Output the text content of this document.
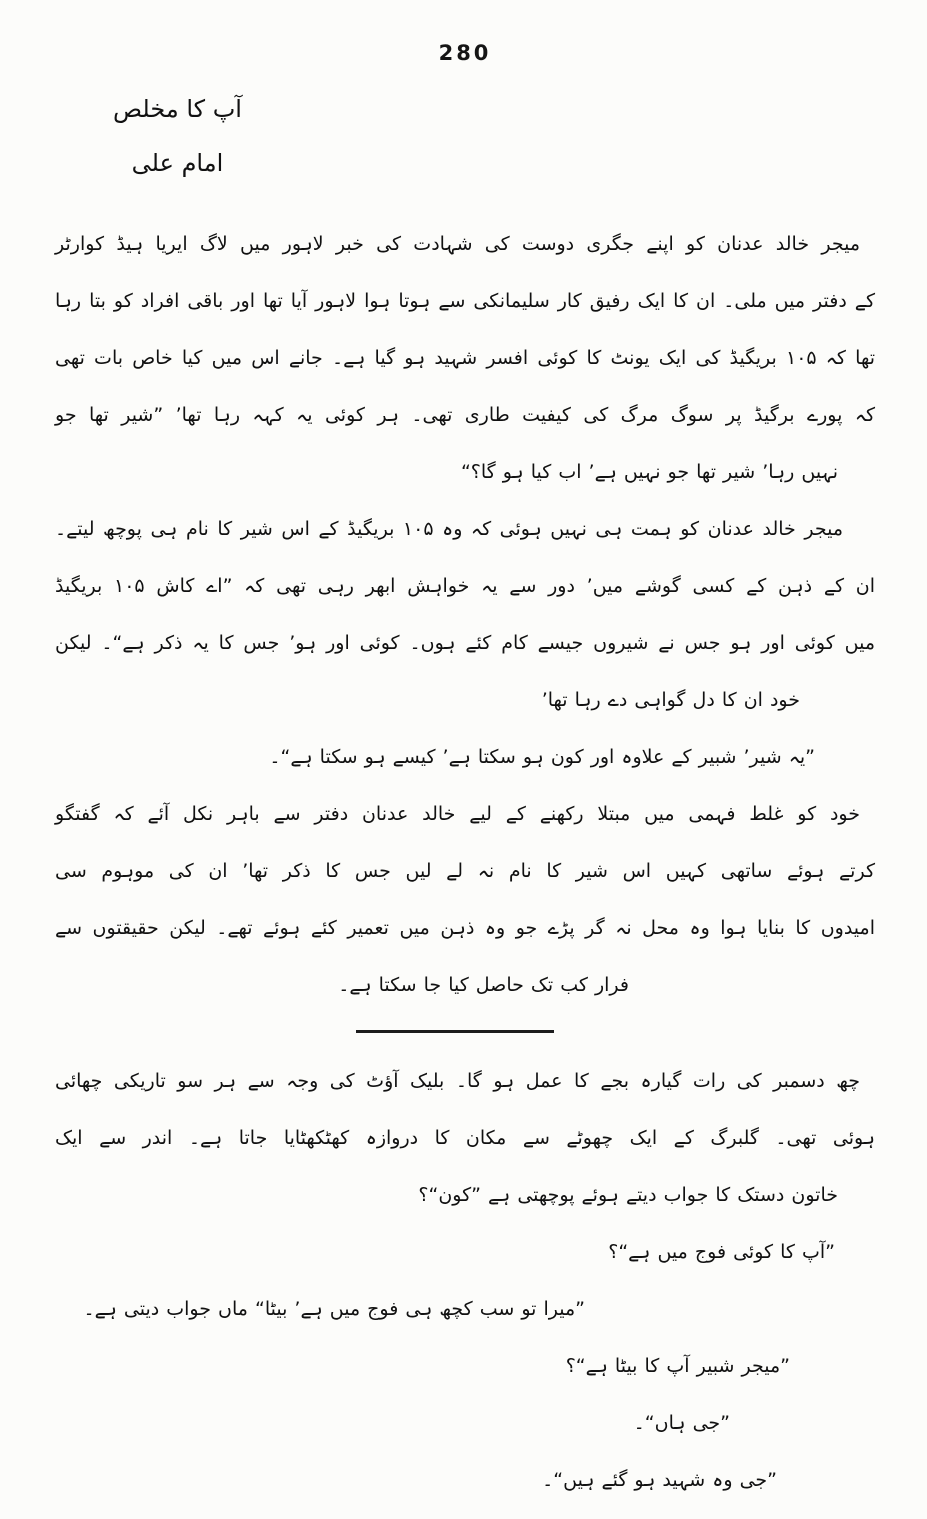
280
آپ کا مخلص
امام علی
میجر خالد عدنان کو اپنے جگری دوست کی شہادت کی خبر لاہور میں لاگ ایریا ہیڈ کوارٹر
کے دفتر میں ملی۔ ان کا ایک رفیق کار سلیمانکی سے ہوتا ہوا لاہور آیا تھا اور باقی افراد کو بتا رہا
تھا کہ ۱۰۵ بریگیڈ کی ایک یونٹ کا کوئی افسر شہید ہو گیا ہے۔ جانے اس میں کیا خاص بات تھی
کہ پورے برگیڈ پر سوگ مرگ کی کیفیت طاری تھی۔ ہر کوئی یہ کہہ رہا تھا’ ”شیر تھا جو
نہیں رہا’ شیر تھا جو نہیں ہے’ اب کیا ہو گا؟“
میجر خالد عدنان کو ہمت ہی نہیں ہوئی کہ وہ ۱۰۵ بریگیڈ کے اس شیر کا نام ہی پوچھ لیتے۔
ان کے ذہن کے کسی گوشے میں’ دور سے یہ خواہش ابھر رہی تھی کہ ”اے کاش ۱۰۵ بریگیڈ
میں کوئی اور ہو جس نے شیروں جیسے کام کئے ہوں۔ کوئی اور ہو’ جس کا یہ ذکر ہے“۔ لیکن
خود ان کا دل گواہی دے رہا تھا’
”یہ شیر’ شبیر کے علاوہ اور کون ہو سکتا ہے’ کیسے ہو سکتا ہے“۔
خود کو غلط فہمی میں مبتلا رکھنے کے لیے خالد عدنان دفتر سے باہر نکل آئے کہ گفتگو
کرتے ہوئے ساتھی کہیں اس شیر کا نام نہ لے لیں جس کا ذکر تھا’ ان کی موہوم سی
امیدوں کا بنایا ہوا وہ محل نہ گر پڑے جو وہ ذہن میں تعمیر کئے ہوئے تھے۔ لیکن حقیقتوں سے
فرار کب تک حاصل کیا جا سکتا ہے۔
چھ دسمبر کی رات گیارہ بجے کا عمل ہو گا۔ بلیک آؤٹ کی وجہ سے ہر سو تاریکی چھائی
ہوئی تھی۔ گلبرگ کے ایک چھوٹے سے مکان کا دروازہ کھٹکھٹایا جاتا ہے۔ اندر سے ایک
خاتون دستک کا جواب دیتے ہوئے پوچھتی ہے ”کون“؟
”آپ کا کوئی فوج میں ہے“؟
”میرا تو سب کچھ ہی فوج میں ہے’ بیٹا“ ماں جواب دیتی ہے۔
”میجر شبیر آپ کا بیٹا ہے“؟
”جی ہاں“۔
”جی وہ شہید ہو گئے ہیں“۔
